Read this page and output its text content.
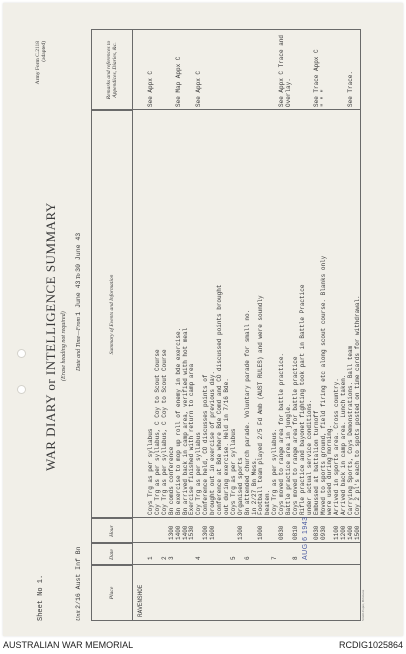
Army Form C.2118 (adapted)
Sheet No 1.
WAR DIARY or INTELLIGENCE SUMMARY (Erase heading not required)
Unit 2/16 Aust Inf Bn
Date and Time—From 1 June 43 To 30 June 43
Place
Date
Hour
Summary of Events and Information
Remarks and references to Appendices, Diaries, &c.
RAVENSHOE
1
Coys Trg as per syllabus
See Appx C
Coy Trg as per syllabus, C Coy to Scout Course
2
Coy Trg as per syllabus, C Coy to Scout Course
3
1300
Bn comds conference
1400
Bn exercise to mop up roll of enemy in bde exercise.
See Map Appx C
1400
Bn arrived back in camp area, verified with hot meal
1530
Exercise finished with return to camp area
4
Coy Trg as per syllabus
See Appx C
1300
Conference held, CO discusses points of
1600
brought out in exercise of previous day. conference at Bde where Bde Comd and CO discussed points brought out during exercise. Held in 7/16 Bde.
5
Coys Trg as per syllabus
1300
Organised sports
6
Bn attended church parade. Voluntary parade for small no. in 2/27 Bn Mess.
1000
Football team played 2/5 Fd Amb (AUST RULES) and were soundly beaten.
7
Coy Trg as per syllabus.
0830
Coys moved to range area for battle practice.
See Appx C Trace and
Battle practice area in jungle.
Overlay.
8
0810
Coys moved to range area for battle practice Rifle practice and bayonet fighting took part in Battle Practice under actual service conditions.
0830
Embussed at battalion turnoff
See Trace Appx C
0930
Moved to sports ground, field firing etc along scout course. Blanks only
" " "
were used during morning.
1100
Arrived in sports area. Cross country.
1200
Arrived back in camp area. Lunch taken.
1400
Carrying Sports, Coys Demonstrations. Ball team
See Trace.
1500
Coy 2 pl's each to spots posted on time cards for withdrawal.
AUG 6 1943
Smith Paper, Brisbane
AUSTRALIAN WAR MEMORIAL	RCDIG1025864
